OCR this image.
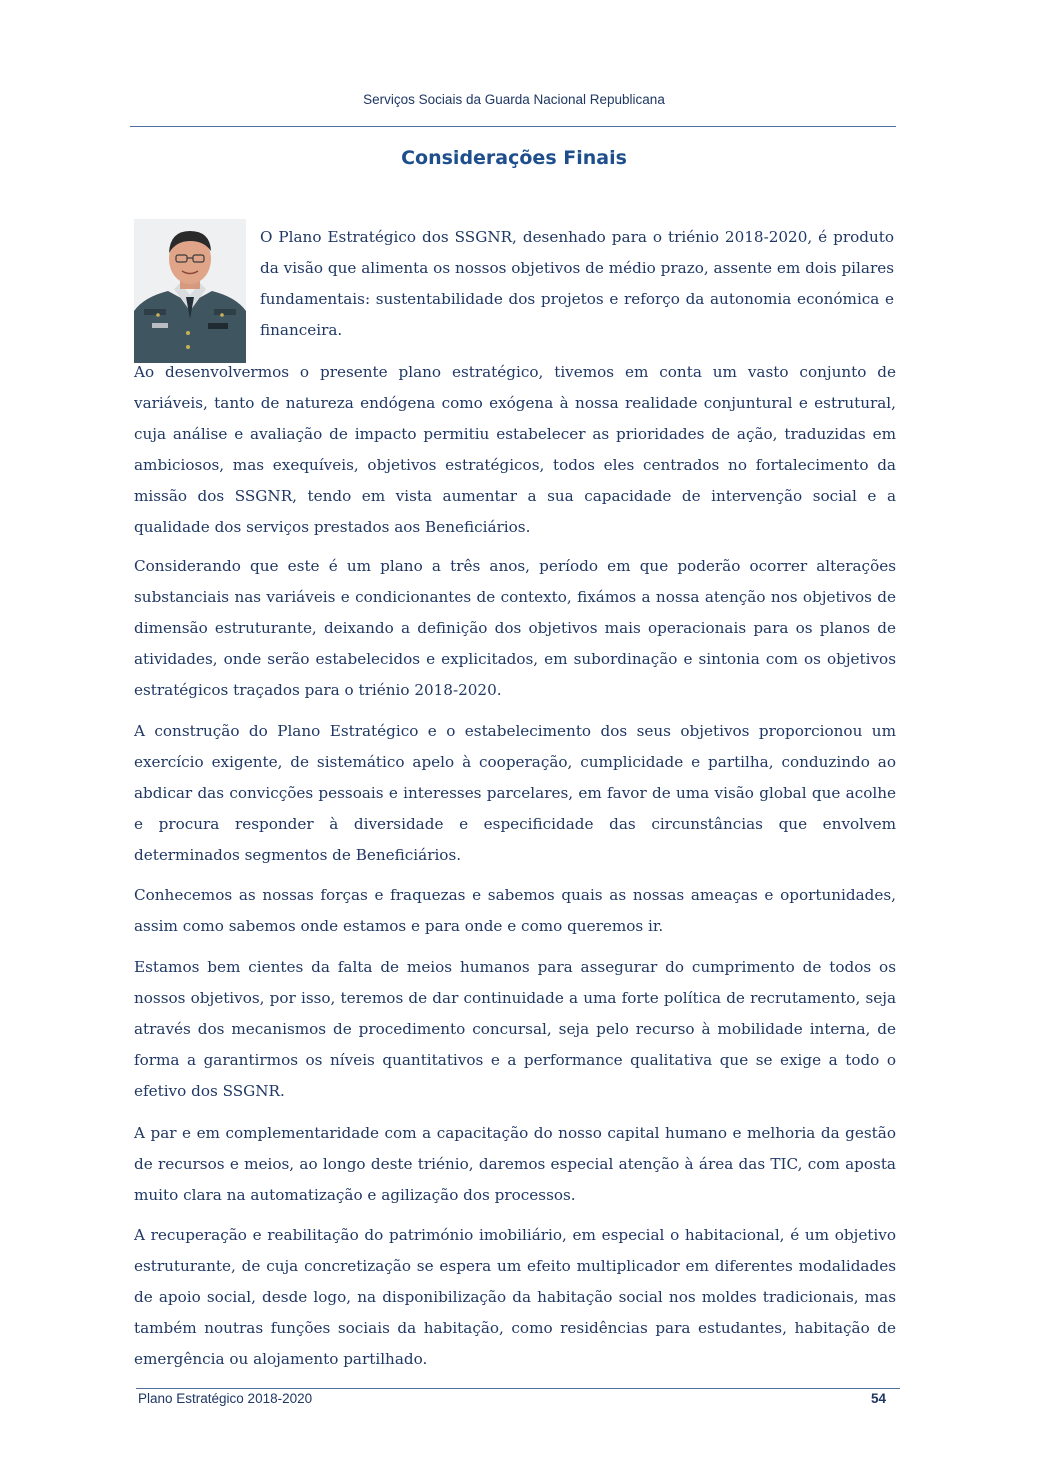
Serviços Sociais da Guarda Nacional Republicana
Considerações Finais

O Plano Estratégico dos SSGNR, desenhado para o triénio 2018-2020, é produto da visão que alimenta os nossos objetivos de médio prazo, assente em dois pilares fundamentais: sustentabilidade dos projetos e reforço da autonomia económica e financeira.

Ao desenvolvermos o presente plano estratégico, tivemos em conta um vasto conjunto de variáveis, tanto de natureza endógena como exógena à nossa realidade conjuntural e estrutural, cuja análise e avaliação de impacto permitiu estabelecer as prioridades de ação, traduzidas em ambiciosos, mas exequíveis, objetivos estratégicos, todos eles centrados no fortalecimento da missão dos SSGNR, tendo em vista aumentar a sua capacidade de intervenção social e a qualidade dos serviços prestados aos Beneficiários.

Considerando que este é um plano a três anos, período em que poderão ocorrer alterações substanciais nas variáveis e condicionantes de contexto, fixámos a nossa atenção nos objetivos de dimensão estruturante, deixando a definição dos objetivos mais operacionais para os planos de atividades, onde serão estabelecidos e explicitados, em subordinação e sintonia com os objetivos estratégicos traçados para o triénio 2018-2020.

A construção do Plano Estratégico e o estabelecimento dos seus objetivos proporcionou um exercício exigente, de sistemático apelo à cooperação, cumplicidade e partilha, conduzindo ao abdicar das convicções pessoais e interesses parcelares, em favor de uma visão global que acolhe e procura responder à diversidade e especificidade das circunstâncias que envolvem determinados segmentos de Beneficiários.

Conhecemos as nossas forças e fraquezas e sabemos quais as nossas ameaças e oportunidades, assim como sabemos onde estamos e para onde e como queremos ir.

Estamos bem cientes da falta de meios humanos para assegurar do cumprimento de todos os nossos objetivos, por isso, teremos de dar continuidade a uma forte política de recrutamento, seja através dos mecanismos de procedimento concursal, seja pelo recurso à mobilidade interna, de forma a garantirmos os níveis quantitativos e a performance qualitativa que se exige a todo o efetivo dos SSGNR.

A par e em complementaridade com a capacitação do nosso capital humano e melhoria da gestão de recursos e meios, ao longo deste triénio, daremos especial atenção à área das TIC, com aposta muito clara na automatização e agilização dos processos.

A recuperação e reabilitação do património imobiliário, em especial o habitacional, é um objetivo estruturante, de cuja concretização se espera um efeito multiplicador em diferentes modalidades de apoio social, desde logo, na disponibilização da habitação social nos moldes tradicionais, mas também noutras funções sociais da habitação, como residências para estudantes, habitação de emergência ou alojamento partilhado.

Plano Estratégico 2018-2020	54
